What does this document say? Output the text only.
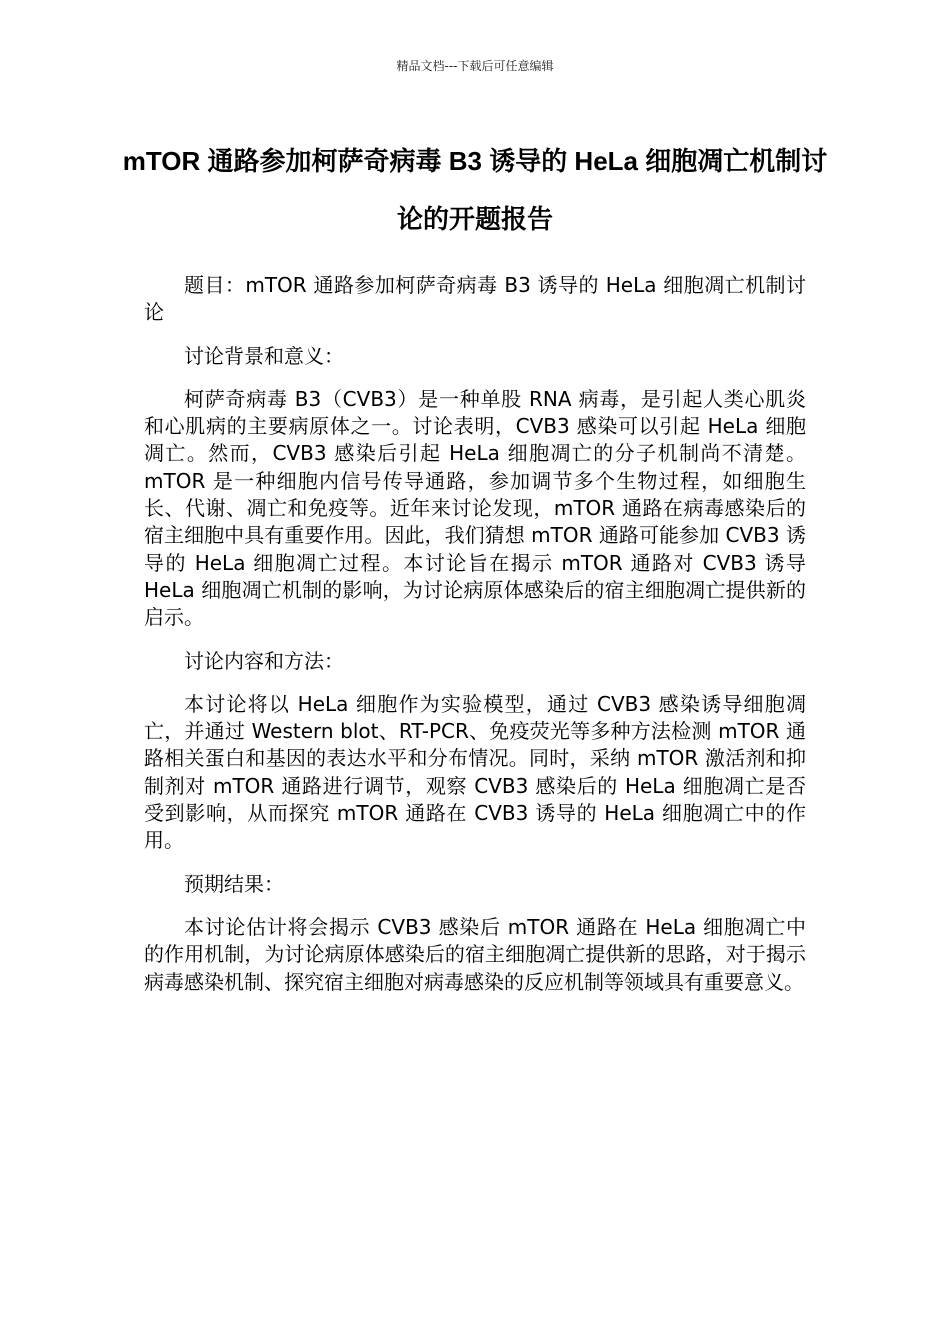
精品文档---下载后可任意编辑
mTOR 通路参加柯萨奇病毒 B3 诱导的 HeLa 细胞凋亡机制讨论的开题报告

题目：mTOR 通路参加柯萨奇病毒 B3 诱导的 HeLa 细胞凋亡机制讨论

讨论背景和意义：

柯萨奇病毒 B3（CVB3）是一种单股 RNA 病毒，是引起人类心肌炎和心肌病的主要病原体之一。讨论表明，CVB3 感染可以引起 HeLa 细胞凋亡。然而，CVB3 感染后引起 HeLa 细胞凋亡的分子机制尚不清楚。mTOR 是一种细胞内信号传导通路，参加调节多个生物过程，如细胞生长、代谢、凋亡和免疫等。近年来讨论发现，mTOR 通路在病毒感染后的宿主细胞中具有重要作用。因此，我们猜想 mTOR 通路可能参加 CVB3 诱导的 HeLa 细胞凋亡过程。本讨论旨在揭示 mTOR 通路对 CVB3 诱导 HeLa 细胞凋亡机制的影响，为讨论病原体感染后的宿主细胞凋亡提供新的启示。

讨论内容和方法：

本讨论将以 HeLa 细胞作为实验模型，通过 CVB3 感染诱导细胞凋亡，并通过 Western blot、RT-PCR、免疫荧光等多种方法检测 mTOR 通路相关蛋白和基因的表达水平和分布情况。同时，采纳 mTOR 激活剂和抑制剂对 mTOR 通路进行调节，观察 CVB3 感染后的 HeLa 细胞凋亡是否受到影响，从而探究 mTOR 通路在 CVB3 诱导的 HeLa 细胞凋亡中的作用。

预期结果：

本讨论估计将会揭示 CVB3 感染后 mTOR 通路在 HeLa 细胞凋亡中的作用机制，为讨论病原体感染后的宿主细胞凋亡提供新的思路，对于揭示病毒感染机制、探究宿主细胞对病毒感染的反应机制等领域具有重要意义。
